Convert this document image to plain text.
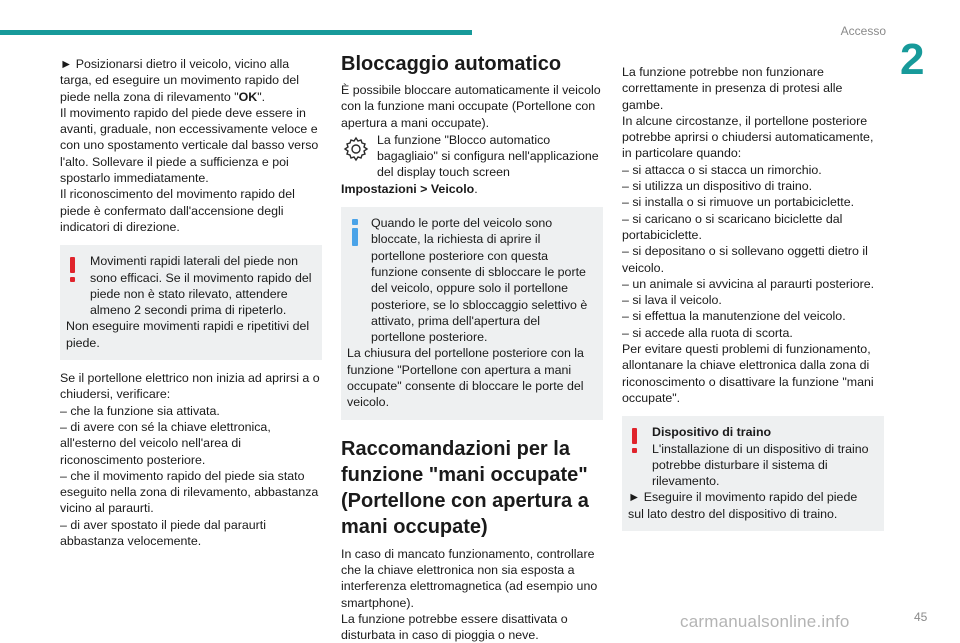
Accesso
2

► Posizionarsi dietro il veicolo, vicino alla targa, ed eseguire un movimento rapido del piede nella zona di rilevamento "OK".

Il movimento rapido del piede deve essere in avanti, graduale, non eccessivamente veloce e con uno spostamento verticale dal basso verso l'alto. Sollevare il piede a sufficienza e poi spostarlo immediatamente.

Il riconoscimento del movimento rapido del piede è confermato dall'accensione degli indicatori di direzione.

Movimenti rapidi laterali del piede non sono efficaci. Se il movimento rapido del piede non è stato rilevato, attendere almeno 2 secondi prima di ripeterlo.

Non eseguire movimenti rapidi e ripetitivi del piede.

Se il portellone elettrico non inizia ad aprirsi a o chiudersi, verificare:

– che la funzione sia attivata.

– di avere con sé la chiave elettronica, all'esterno del veicolo nell'area di riconoscimento posteriore.

– che il movimento rapido del piede sia stato eseguito nella zona di rilevamento, abbastanza vicino al paraurti.

– di aver spostato il piede dal paraurti abbastanza velocemente.

Bloccaggio automatico

È possibile bloccare automaticamente il veicolo con la funzione mani occupate (Portellone con apertura a mani occupate).

La funzione "Blocco automatico bagagliaio" si configura nell'applicazione del display touch screen

Impostazioni > Veicolo.

Quando le porte del veicolo sono bloccate, la richiesta di aprire il portellone posteriore con questa funzione consente di sbloccare le porte del veicolo, oppure solo il portellone posteriore, se lo sbloccaggio selettivo è attivato, prima dell'apertura del portellone posteriore.

La chiusura del portellone posteriore con la funzione "Portellone con apertura a mani occupate" consente di bloccare le porte del veicolo.

Raccomandazioni per la funzione "mani occupate" (Portellone con apertura a mani occupate)

In caso di mancato funzionamento, controllare che la chiave elettronica non sia esposta a interferenza elettromagnetica (ad esempio uno smartphone).

La funzione potrebbe essere disattivata o disturbata in caso di pioggia o neve.

La funzione potrebbe non funzionare correttamente in presenza di protesi alle gambe.

In alcune circostanze, il portellone posteriore potrebbe aprirsi o chiudersi automaticamente, in particolare quando:

– si attacca o si stacca un rimorchio.

– si utilizza un dispositivo di traino.

– si installa o si rimuove un portabiciclette.

– si caricano o si scaricano biciclette dal portabiciclette.

– si depositano o si sollevano oggetti dietro il veicolo.

– un animale si avvicina al paraurti posteriore.

– si lava il veicolo.

– si effettua la manutenzione del veicolo.

– si accede alla ruota di scorta.

Per evitare questi problemi di funzionamento, allontanare la chiave elettronica dalla zona di riconoscimento o disattivare la funzione "mani occupate".

Dispositivo di traino

L'installazione di un dispositivo di traino potrebbe disturbare il sistema di rilevamento.

► Eseguire il movimento rapido del piede sul lato destro del dispositivo di traino.

carmanualsonline.info	45
